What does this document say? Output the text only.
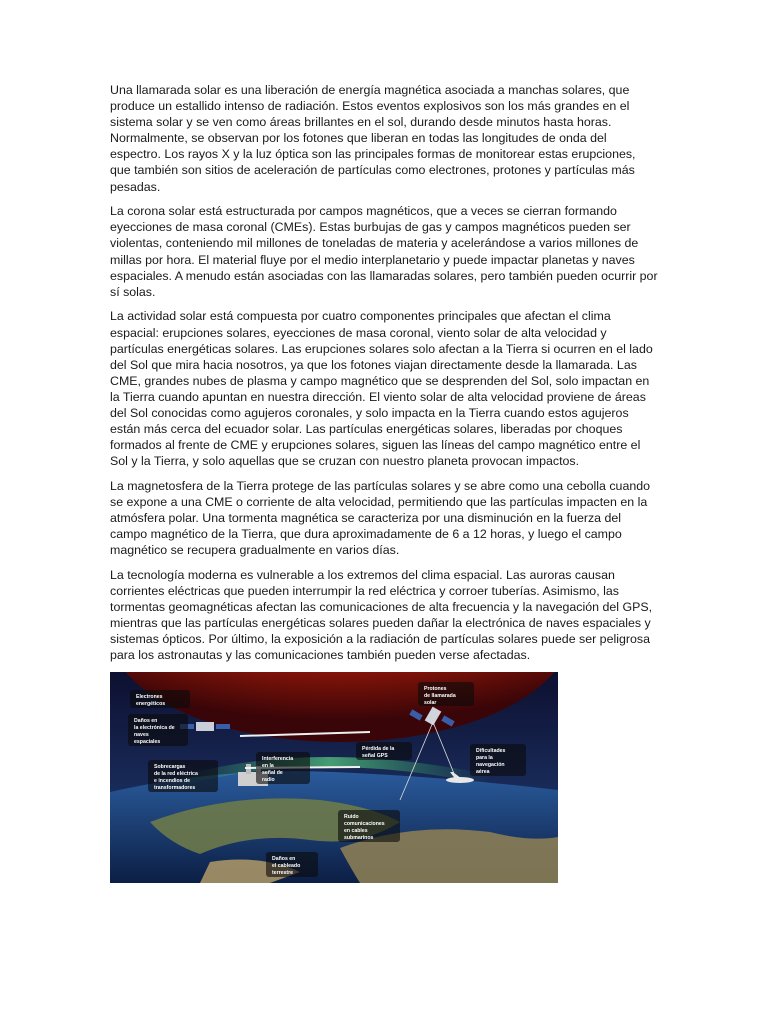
Una llamarada solar es una liberación de energía magnética asociada a manchas solares, que produce un estallido intenso de radiación. Estos eventos explosivos son los más grandes en el sistema solar y se ven como áreas brillantes en el sol, durando desde minutos hasta horas. Normalmente, se observan por los fotones que liberan en todas las longitudes de onda del espectro. Los rayos X y la luz óptica son las principales formas de monitorear estas erupciones, que también son sitios de aceleración de partículas como electrones, protones y partículas más pesadas.

La corona solar está estructurada por campos magnéticos, que a veces se cierran formando eyecciones de masa coronal (CMEs). Estas burbujas de gas y campos magnéticos pueden ser violentas, conteniendo mil millones de toneladas de materia y acelerándose a varios millones de millas por hora. El material fluye por el medio interplanetario y puede impactar planetas y naves espaciales. A menudo están asociadas con las llamaradas solares, pero también pueden ocurrir por sí solas.

La actividad solar está compuesta por cuatro componentes principales que afectan el clima espacial: erupciones solares, eyecciones de masa coronal, viento solar de alta velocidad y partículas energéticas solares. Las erupciones solares solo afectan a la Tierra si ocurren en el lado del Sol que mira hacia nosotros, ya que los fotones viajan directamente desde la llamarada. Las CME, grandes nubes de plasma y campo magnético que se desprenden del Sol, solo impactan en la Tierra cuando apuntan en nuestra dirección. El viento solar de alta velocidad proviene de áreas del Sol conocidas como agujeros coronales, y solo impacta en la Tierra cuando estos agujeros están más cerca del ecuador solar. Las partículas energéticas solares, liberadas por choques formados al frente de CME y erupciones solares, siguen las líneas del campo magnético entre el Sol y la Tierra, y solo aquellas que se cruzan con nuestro planeta provocan impactos.

La magnetosfera de la Tierra protege de las partículas solares y se abre como una cebolla cuando se expone a una CME o corriente de alta velocidad, permitiendo que las partículas impacten en la atmósfera polar. Una tormenta magnética se caracteriza por una disminución en la fuerza del campo magnético de la Tierra, que dura aproximadamente de 6 a 12 horas, y luego el campo magnético se recupera gradualmente en varios días.

La tecnología moderna es vulnerable a los extremos del clima espacial. Las auroras causan corrientes eléctricas que pueden interrumpir la red eléctrica y corroer tuberías. Asimismo, las tormentas geomagnéticas afectan las comunicaciones de alta frecuencia y la navegación del GPS, mientras que las partículas energéticas solares pueden dañar la electrónica de naves espaciales y sistemas ópticos. Por último, la exposición a la radiación de partículas solares puede ser peligrosa para los astronautas y las comunicaciones también pueden verse afectadas.

Electrones
energéticos
Protones
de llamarada
solar
Daños en
la electrónica de
naves
espaciales
Pérdida de la
señal GPS
Dificultades
para la
navegación
aérea
Interferencia
en la
señal de
radio
Sobrecargas
de la red eléctrica
e incendios de
transformadores
Ruido
comunicaciones
en cables
submarinos
Daños en
el cableado
terrestre
